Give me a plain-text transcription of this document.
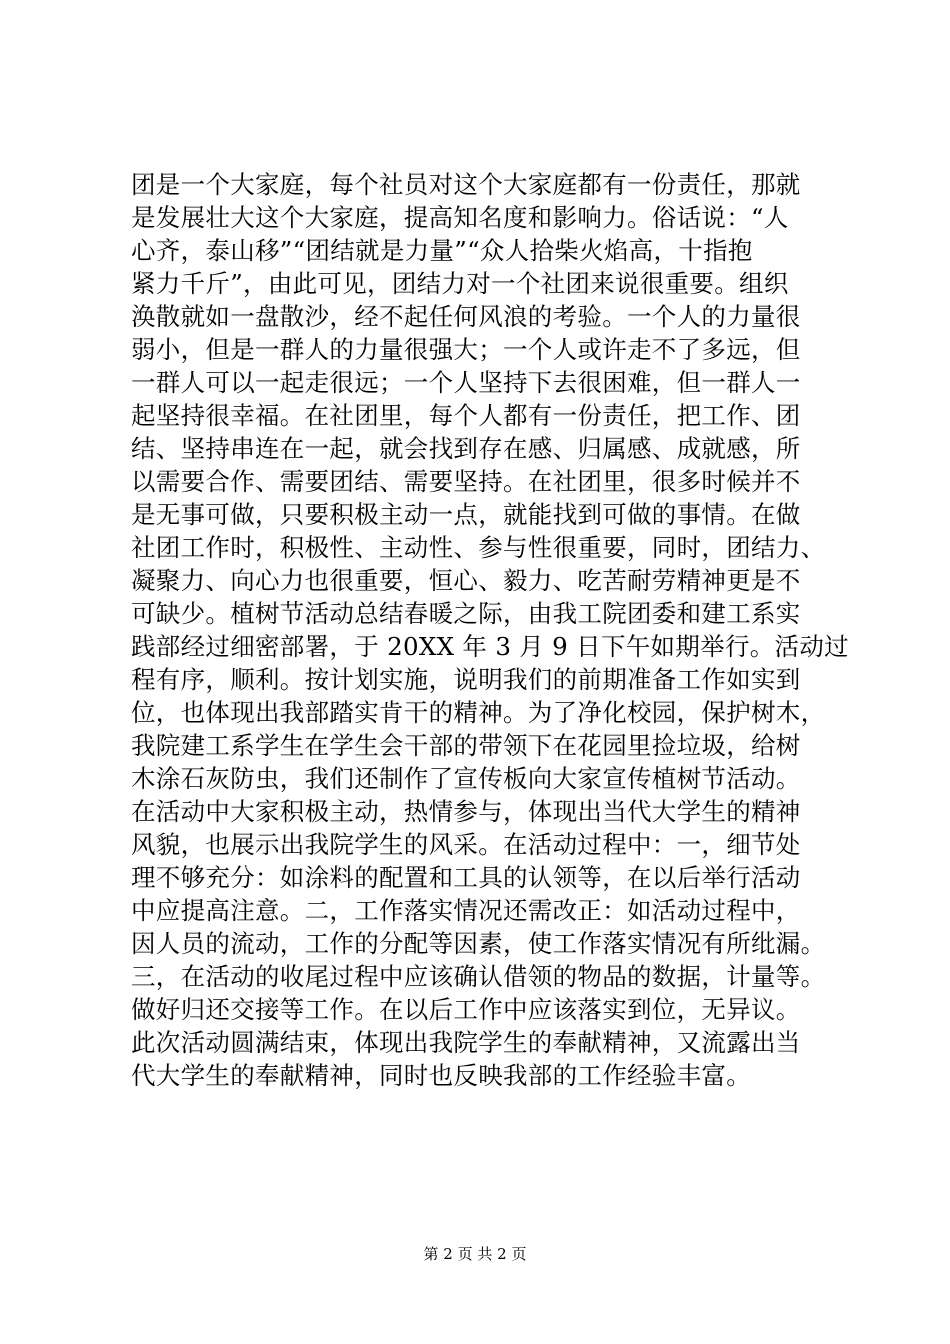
团是一个大家庭，每个社员对这个大家庭都有一份责任，那就
是发展壮大这个大家庭，提高知名度和影响力。俗话说：“人
心齐，泰山移”“团结就是力量”“众人拾柴火焰高，十指抱
紧力千斤”，由此可见，团结力对一个社团来说很重要。组织
涣散就如一盘散沙，经不起任何风浪的考验。一个人的力量很
弱小，但是一群人的力量很强大；一个人或许走不了多远，但
一群人可以一起走很远；一个人坚持下去很困难，但一群人一
起坚持很幸福。在社团里，每个人都有一份责任，把工作、团
结、坚持串连在一起，就会找到存在感、归属感、成就感，所
以需要合作、需要团结、需要坚持。在社团里，很多时候并不
是无事可做，只要积极主动一点，就能找到可做的事情。在做
社团工作时，积极性、主动性、参与性很重要，同时，团结力、
凝聚力、向心力也很重要，恒心、毅力、吃苦耐劳精神更是不
可缺少。植树节活动总结春暖之际，由我工院团委和建工系实
践部经过细密部署，于 20XX 年 3 月 9 日下午如期举行。活动过
程有序，顺利。按计划实施，说明我们的前期准备工作如实到
位，也体现出我部踏实肯干的精神。为了净化校园，保护树木，
我院建工系学生在学生会干部的带领下在花园里捡垃圾，给树
木涂石灰防虫，我们还制作了宣传板向大家宣传植树节活动。
在活动中大家积极主动，热情参与，体现出当代大学生的精神
风貌，也展示出我院学生的风采。在活动过程中：一，细节处
理不够充分：如涂料的配置和工具的认领等，在以后举行活动
中应提高注意。二，工作落实情况还需改正：如活动过程中，
因人员的流动，工作的分配等因素，使工作落实情况有所纰漏。
三，在活动的收尾过程中应该确认借领的物品的数据，计量等。
做好归还交接等工作。在以后工作中应该落实到位，无异议。
此次活动圆满结束，体现出我院学生的奉献精神，又流露出当
代大学生的奉献精神，同时也反映我部的工作经验丰富。
第 2 页 共 2 页
